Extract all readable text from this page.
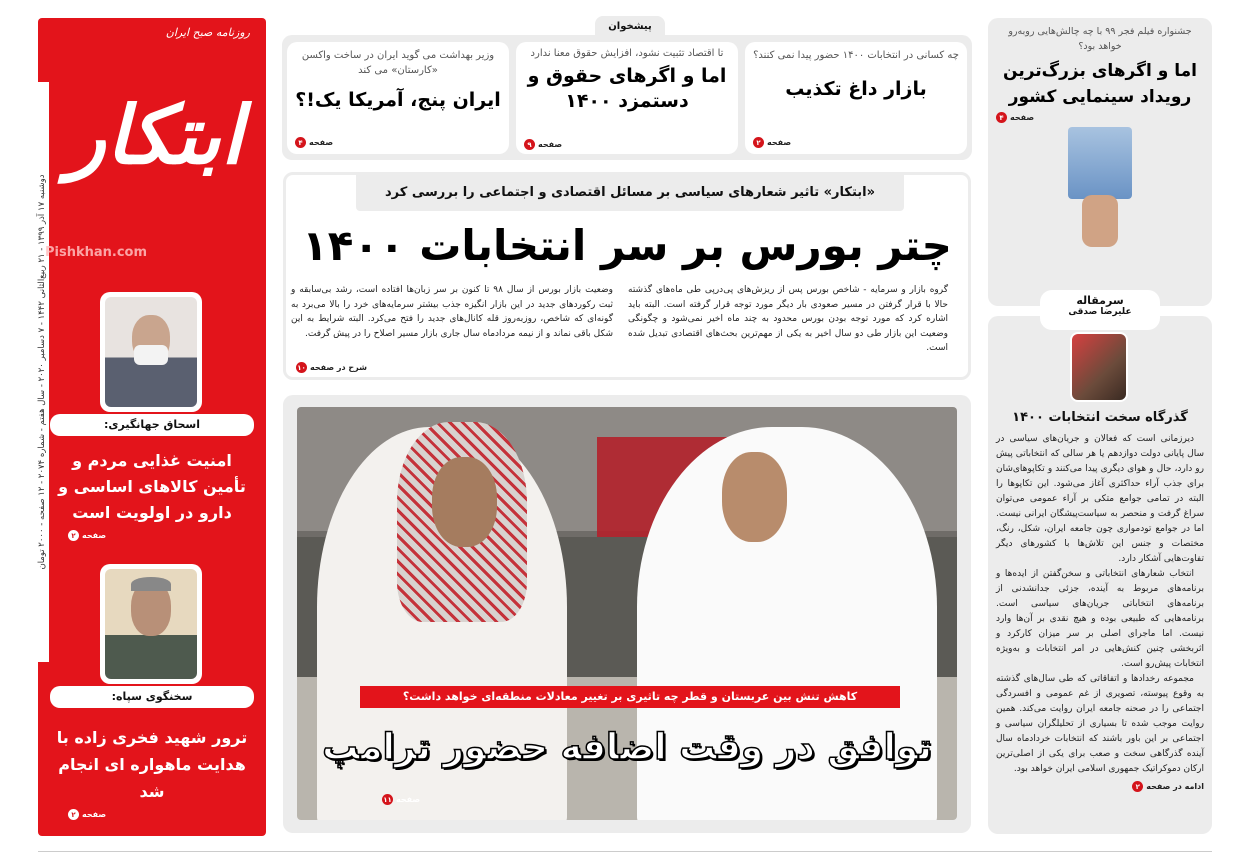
دوشنبه ۱۷ آذر ۱۳۹۹ - ۲۱ ربیع‌الثانی ۱۴۴۲ - ۷ دسامبر ۲۰۲۰ - سال هفتم - شماره ۲۰۷۴ - ۱۲ صفحه - ۲۰۰۰ تومان
روزنامه صبح ایران
ابتکار
Pishkhan.com
اسحاق جهانگیری:
امنیت غذایی مردم و تأمین کالاهای اساسی و دارو در اولویت است
صفحه
۲
سخنگوی سپاه:
ترور شهید فخری زاده با هدایت ماهواره ای انجام شد
صفحه
۲
پیشخوان
چه کسانی در انتخابات ۱۴۰۰ حضور پیدا نمی کنند؟
بازار داغ تکذیب
صفحه
۲
تا اقتصاد تثبیت نشود، افزایش حقوق معنا ندارد
اما و اگرهای حقوق و دستمزد ۱۴۰۰
صفحه
۹
وزیر بهداشت می گوید ایران در ساخت واکسن «کارستان» می کند
ایران پنج، آمریکا یک!؟
صفحه
۴
«ابتکار» تاثیر شعارهای سیاسی بر مسائل اقتصادی و اجتماعی را بررسی کرد
چتر بورس بر سر انتخابات ۱۴۰۰
گروه بازار و سرمایه - شاخص بورس پس از ریزش‌های پی‌درپی طی ماه‌های گذشته حالا با قرار گرفتن در مسیر صعودی بار دیگر مورد توجه قرار گرفته است. البته باید اشاره کرد که مورد توجه بودن بورس محدود به چند ماه اخیر نمی‌شود و چگونگی وضعیت این بازار طی دو سال اخیر به یکی از مهم‌ترین بحث‌های اقتصادی تبدیل شده است.
وضعیت بازار بورس از سال ۹۸ تا کنون بر سر زبان‌ها افتاده است، رشد بی‌سابقه و ثبت رکوردهای جدید در این بازار انگیزه جذب بیشتر سرمایه‌های خرد را بالا می‌برد به گونه‌ای که شاخص، روزبه‌روز قله کانال‌های جدید را فتح می‌کرد. البته شرایط به این شکل باقی نماند و از نیمه مردادماه سال جاری بازار مسیر اصلاح را در پیش گرفت.
شرح در صفحه
۱۰
کاهش تنش بین عربستان و قطر چه تاثیری بر تغییر معادلات منطقه‌ای خواهد داشت؟
توافق در وقت اضافه حضور ترامپ
صفحه
۱۱
جشنواره فیلم فجر ۹۹ با چه چالش‌هایی روبه‌رو خواهد بود؟
اما و اگرهای بزرگ‌ترین رویداد سینمایی کشور
صفحه
۴
سرمقاله
علیرضا صدقی
گذرگاه سخت انتخابات ۱۴۰۰

دیرزمانی است که فعالان و جریان‌های سیاسی در سال پایانی دولت دوازدهم یا هر سالی که انتخاباتی پیش رو دارد، حال و هوای دیگری پیدا می‌کنند و تکاپوهای‌شان برای جذب آراء حداکثری آغاز می‌شود. این تکاپوها را البته در تمامی جوامع متکی بر آراء عمومی می‌توان سراغ گرفت و منحصر به سیاست‌پیشگان ایرانی نیست. اما در جوامع تودمواری چون جامعه ایران، شکل، رنگ، مختصات و جنس این تلاش‌ها با کشورهای دیگر تفاوت‌هایی آشکار دارد.

انتخاب شعارهای انتخاباتی و سخن‌گفتن از ایده‌ها و برنامه‌های مربوط به آینده، جزئی جدانشدنی از برنامه‌های انتخاباتی جریان‌های سیاسی است. برنامه‌هایی که طبیعی بوده و هیچ نقدی بر آن‌ها وارد نیست. اما ماجرای اصلی بر سر میزان کارکرد و اثربخشی چنین کنش‌هایی در امر انتخابات و به‌ویژه انتخابات پیش‌رو است.

مجموعه رخدادها و اتفاقاتی که طی سال‌های گذشته به وقوع پیوسته، تصویری از غم عمومی و افسردگی اجتماعی را در صحنه جامعه ایران روایت می‌کند. همین روایت موجب شده تا بسیاری از تحلیلگران سیاسی و اجتماعی بر این باور باشند که انتخابات خردادماه سال آینده گذرگاهی سخت و صعب برای یکی از اصلی‌ترین ارکان دموکراتیک جمهوری اسلامی ایران خواهد بود.

ادامه در صفحه
۲
